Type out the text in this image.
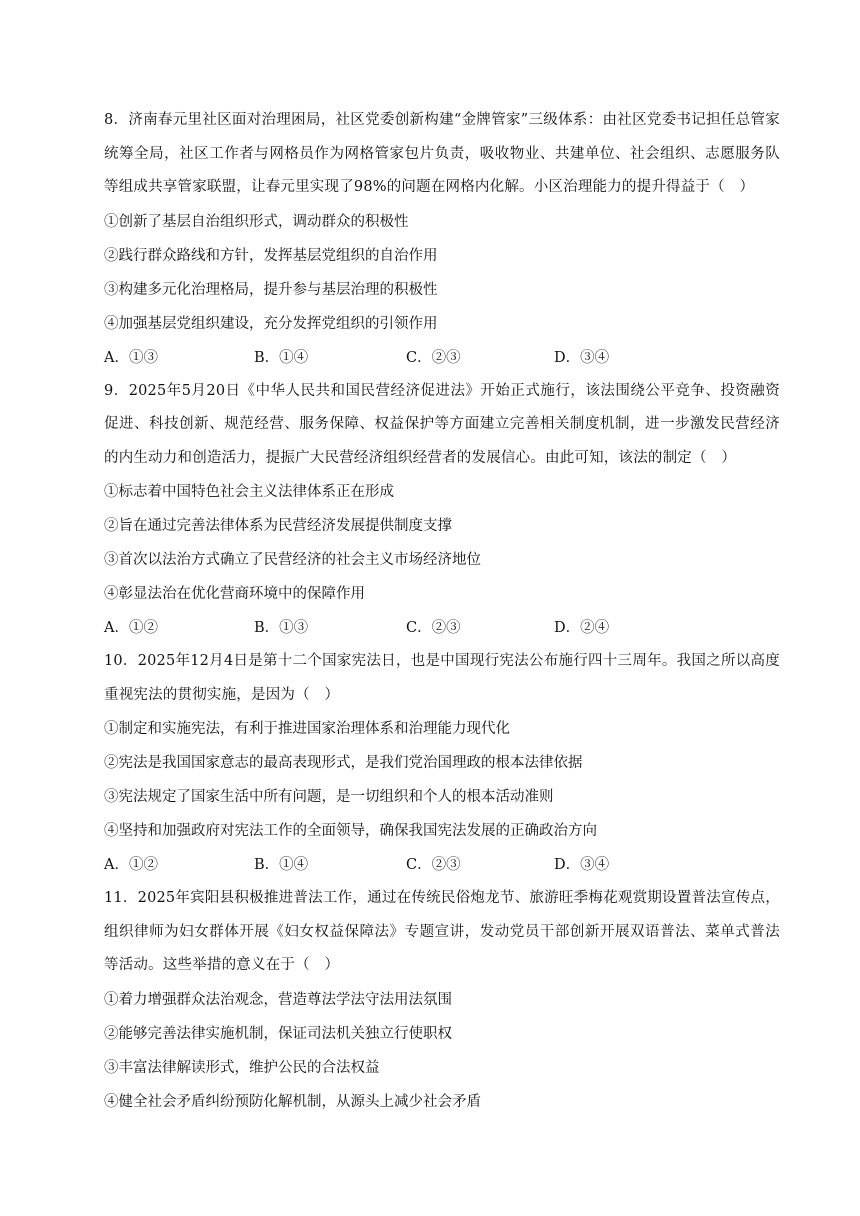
8．济南春元里社区面对治理困局，社区党委创新构建“金牌管家”三级体系：由社区党委书记担任总管家统筹全局，社区工作者与网格员作为网格管家包片负责，吸收物业、共建单位、社会组织、志愿服务队等组成共享管家联盟，让春元里实现了98%的问题在网格内化解。小区治理能力的提升得益于（　）

①创新了基层自治组织形式，调动群众的积极性

②践行群众路线和方针，发挥基层党组织的自治作用

③构建多元化治理格局，提升参与基层治理的积极性

④加强基层党组织建设，充分发挥党组织的引领作用

A．①③	B．①④	C．②③	D．③④

9．2025年5月20日《中华人民共和国民营经济促进法》开始正式施行，该法围绕公平竞争、投资融资促进、科技创新、规范经营、服务保障、权益保护等方面建立完善相关制度机制，进一步激发民营经济的内生动力和创造活力，提振广大民营经济组织经营者的发展信心。由此可知，该法的制定（　）

①标志着中国特色社会主义法律体系正在形成

②旨在通过完善法律体系为民营经济发展提供制度支撑

③首次以法治方式确立了民营经济的社会主义市场经济地位

④彰显法治在优化营商环境中的保障作用

A．①②	B．①③	C．②③	D．②④

10．2025年12月4日是第十二个国家宪法日，也是中国现行宪法公布施行四十三周年。我国之所以高度重视宪法的贯彻实施，是因为（　）

①制定和实施宪法，有利于推进国家治理体系和治理能力现代化

②宪法是我国国家意志的最高表现形式，是我们党治国理政的根本法律依据

③宪法规定了国家生活中所有问题，是一切组织和个人的根本活动准则

④坚持和加强政府对宪法工作的全面领导，确保我国宪法发展的正确政治方向

A．①②	B．①④	C．②③	D．③④

11．2025年宾阳县积极推进普法工作，通过在传统民俗炮龙节、旅游旺季梅花观赏期设置普法宣传点，组织律师为妇女群体开展《妇女权益保障法》专题宣讲，发动党员干部创新开展双语普法、菜单式普法等活动。这些举措的意义在于（　）

①着力增强群众法治观念，营造尊法学法守法用法氛围

②能够完善法律实施机制，保证司法机关独立行使职权

③丰富法律解读形式，维护公民的合法权益

④健全社会矛盾纠纷预防化解机制，从源头上减少社会矛盾
